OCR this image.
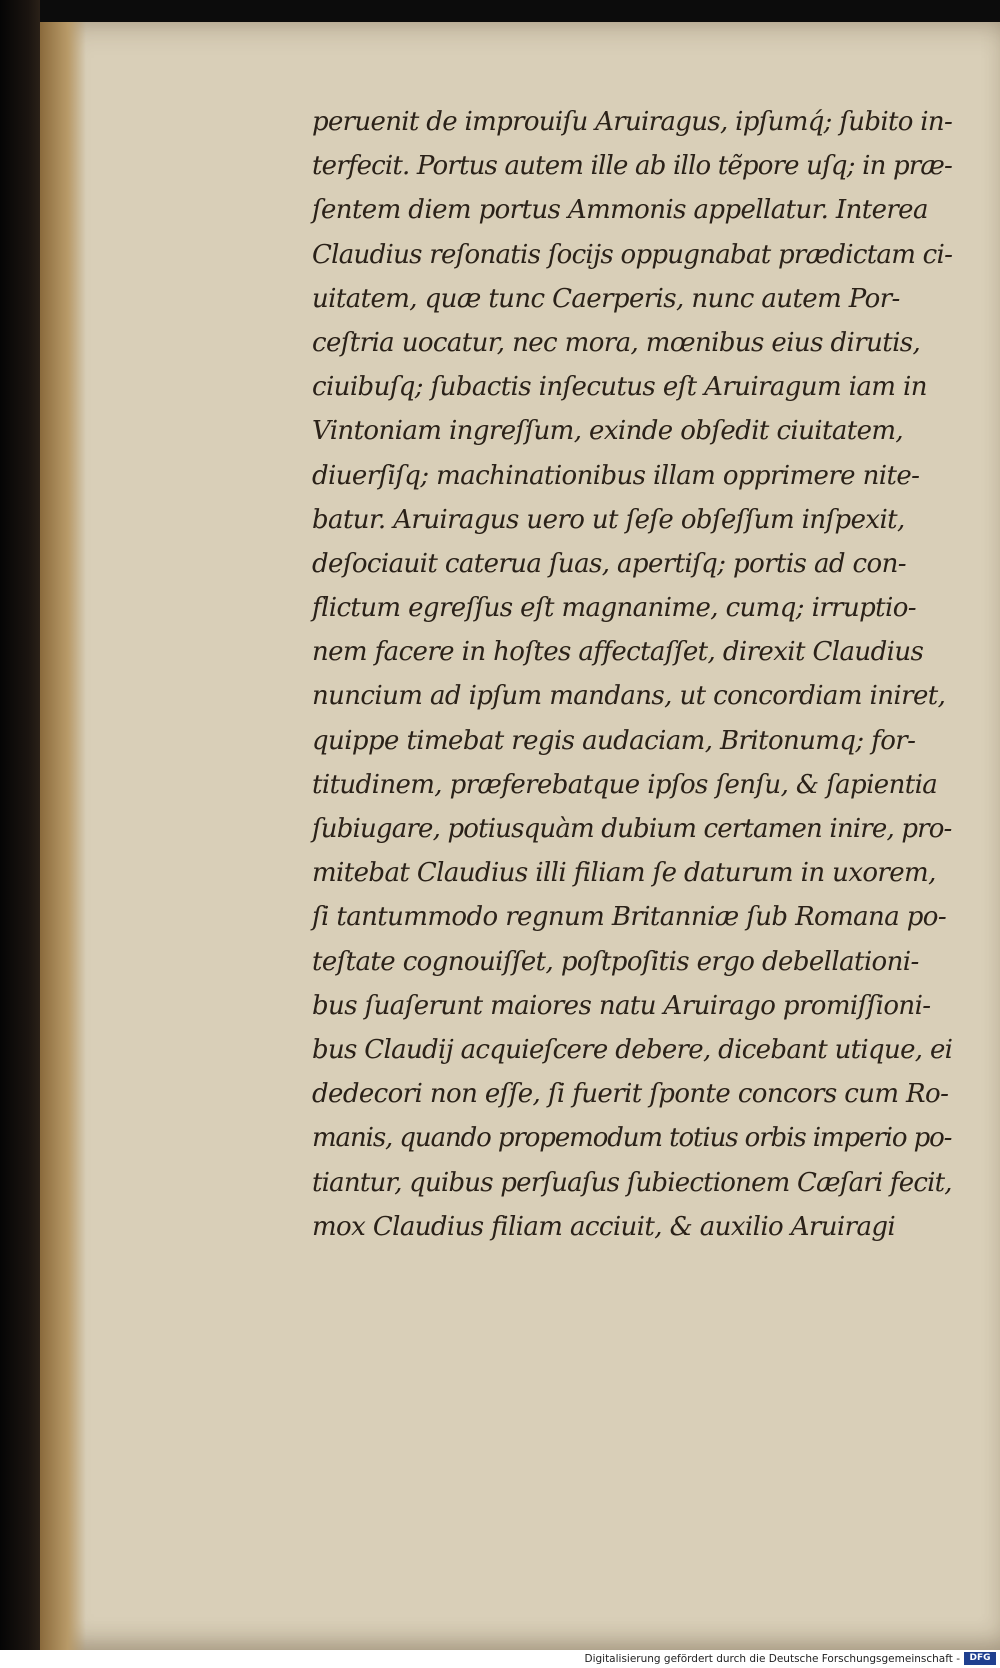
peruenit de improuiſu Aruiragus, ipſumq́; ſubito in-
terfecit. Portus autem ille ab illo tẽpore uſq; in præ-
ſentem diem portus Ammonis appellatur. Interea
Claudius reſonatis ſocijs oppugnabat prædictam ci-
uitatem, quæ tunc Caerperis, nunc autem Por-
ceſtria uocatur, nec mora, mœnibus eius dirutis,
ciuibuſq; ſubactis inſecutus eſt Aruiragum iam in
Vintoniam ingreſſum, exinde obſedit ciuitatem,
diuerſiſq; machinationibus illam opprimere nite-
batur. Aruiragus uero ut ſeſe obſeſſum inſpexit,
deſociauit caterua ſuas, apertiſq; portis ad con-
flictum egreſſus eſt magnanime, cumq; irruptio-
nem facere in hoſtes affectaſſet, direxit Claudius
nuncium ad ipſum mandans, ut concordiam iniret,
quippe timebat regis audaciam, Britonumq; for-
titudinem, præferebatque ipſos ſenſu, & ſapientia
ſubiugare, potiusquàm dubium certamen inire, pro-
mitebat Claudius illi filiam ſe daturum in uxorem,
ſi tantummodo regnum Britanniæ ſub Romana po-
teſtate cognouiſſet, poſtpoſitis ergo debellationi-
bus ſuaſerunt maiores natu Aruirago promiſſioni-
bus Claudij acquieſcere debere, dicebant utique, ei
dedecori non eſſe, ſi fuerit ſponte concors cum Ro-
manis, quando propemodum totius orbis imperio po-
tiantur, quibus perſuaſus ſubiectionem Cæſari fecit,
mox Claudius filiam acciuit, & auxilio Aruiragi
Digitalisierung gefördert durch die Deutsche Forschungsgemeinschaft -	DFG
